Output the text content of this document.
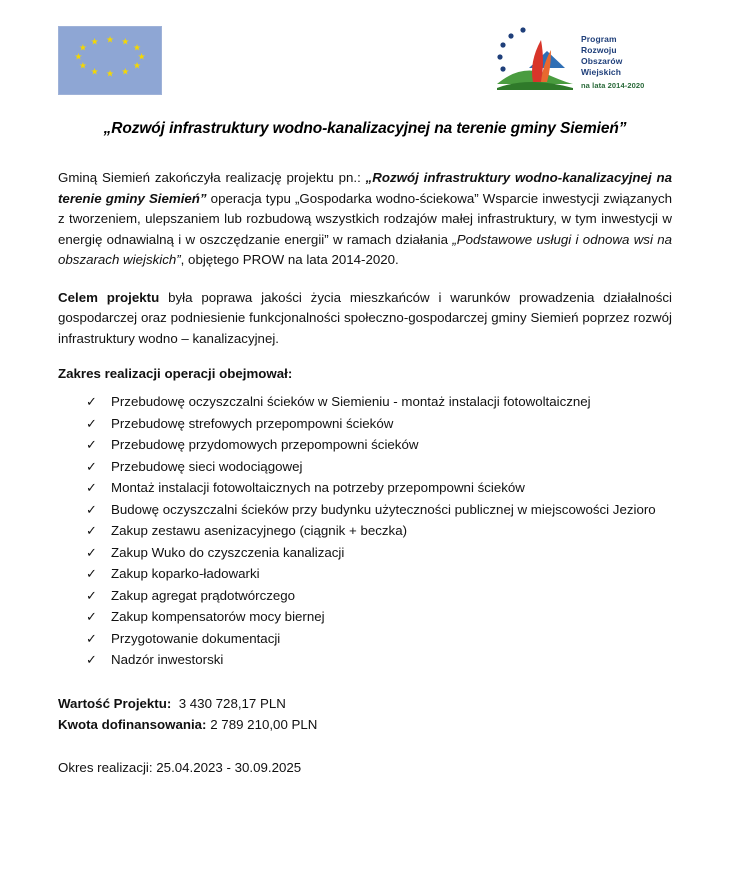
★ ★
★
★
★
★
★
★
★
★
★
★	Program
Rozwoju
Obszarów
Wiejskich
na lata 2014-2020
„Rozwój infrastruktury wodno-kanalizacyjnej na terenie gminy Siemień”

Gminą Siemień zakończyła realizację projektu pn.: „Rozwój infrastruktury wodno-kanalizacyjnej na terenie gminy Siemień” operacja typu „Gospodarka wodno-ściekowa” Wsparcie inwestycji związanych z tworzeniem, ulepszaniem lub rozbudową wszystkich rodzajów małej infrastruktury, w tym inwestycji w energię odnawialną i w oszczędzanie energii” w ramach działania „Podstawowe usługi i odnowa wsi na obszarach wiejskich”, objętego PROW na lata 2014-2020.

Celem projektu była poprawa jakości życia mieszkańców i warunków prowadzenia działalności gospodarczej oraz podniesienie funkcjonalności społeczno-gospodarczej gminy Siemień poprzez rozwój infrastruktury wodno – kanalizacyjnej.

Zakres realizacji operacji obejmował:
✓ Przebudowę oczyszczalni ścieków w Siemieniu - montaż instalacji fotowoltaicznej
✓ Przebudowę strefowych przepompowni ścieków
✓ Przebudowę przydomowych przepompowni ścieków
✓ Przebudowę sieci wodociągowej
✓ Montaż instalacji fotowoltaicznych na potrzeby przepompowni ścieków
✓ Budowę oczyszczalni ścieków przy budynku użyteczności publicznej w miejscowości Jezioro
✓ Zakup zestawu asenizacyjnego (ciągnik + beczka)
✓ Zakup Wuko do czyszczenia kanalizacji
✓ Zakup koparko-ładowarki
✓ Zakup agregat prądotwórczego
✓ Zakup kompensatorów mocy biernej
✓ Przygotowanie dokumentacji
✓ Nadzór inwestorski
Wartość Projektu: 3 430 728,17 PLN
Kwota dofinansowania: 2 789 210,00 PLN
Okres realizacji: 25.04.2023 - 30.09.2025
